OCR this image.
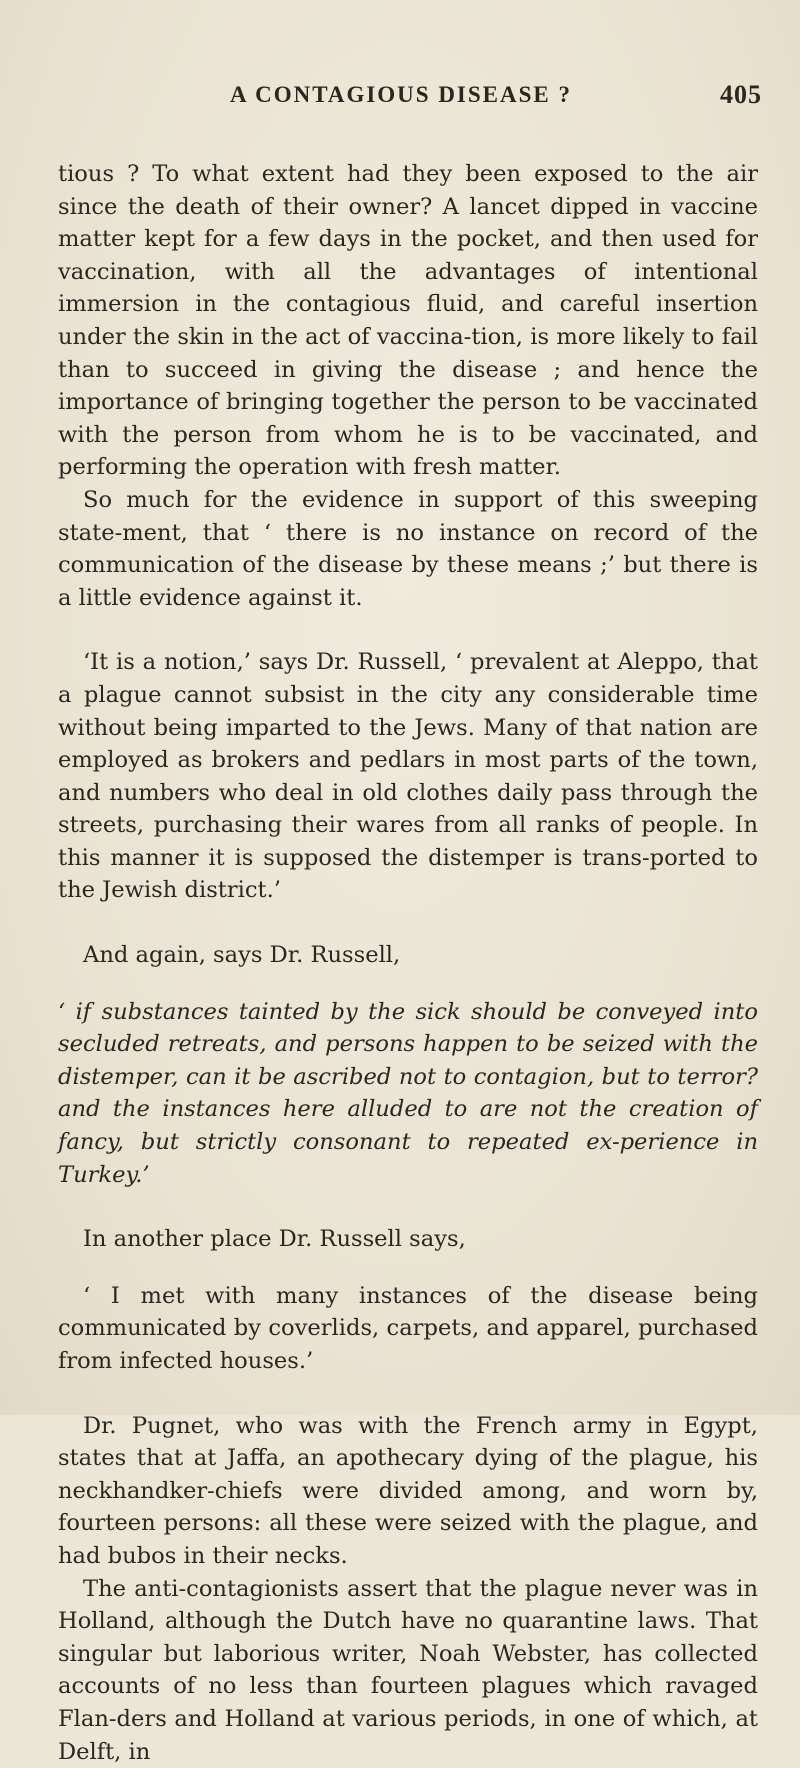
A CONTAGIOUS DISEASE ?	405

tious ? To what extent had they been exposed to the air since the death of their owner? A lancet dipped in vaccine matter kept for a few days in the pocket, and then used for vaccination, with all the advantages of intentional immersion in the contagious fluid, and careful insertion under the skin in the act of vaccina-tion, is more likely to fail than to succeed in giving the disease ; and hence the importance of bringing together the person to be vaccinated with the person from whom he is to be vaccinated, and performing the operation with fresh matter.

So much for the evidence in support of this sweeping state-ment, that ‘ there is no instance on record of the communication of the disease by these means ;’ but there is a little evidence against it.

‘It is a notion,’ says Dr. Russell, ‘ prevalent at Aleppo, that a plague cannot subsist in the city any considerable time without being imparted to the Jews. Many of that nation are employed as brokers and pedlars in most parts of the town, and numbers who deal in old clothes daily pass through the streets, purchasing their wares from all ranks of people. In this manner it is supposed the distemper is trans-ported to the Jewish district.’

And again, says Dr. Russell,

‘ if substances tainted by the sick should be conveyed into secluded retreats, and persons happen to be seized with the distemper, can it be ascribed not to contagion, but to terror? and the instances here alluded to are not the creation of fancy, but strictly consonant to repeated ex-perience in Turkey.’

In another place Dr. Russell says,

‘ I met with many instances of the disease being communicated by coverlids, carpets, and apparel, purchased from infected houses.’

Dr. Pugnet, who was with the French army in Egypt, states that at Jaffa, an apothecary dying of the plague, his neckhandker-chiefs were divided among, and worn by, fourteen persons: all these were seized with the plague, and had bubos in their necks.

The anti-contagionists assert that the plague never was in Holland, although the Dutch have no quarantine laws. That singular but laborious writer, Noah Webster, has collected accounts of no less than fourteen plagues which ravaged Flan-ders and Holland at various periods, in one of which, at Delft, in
